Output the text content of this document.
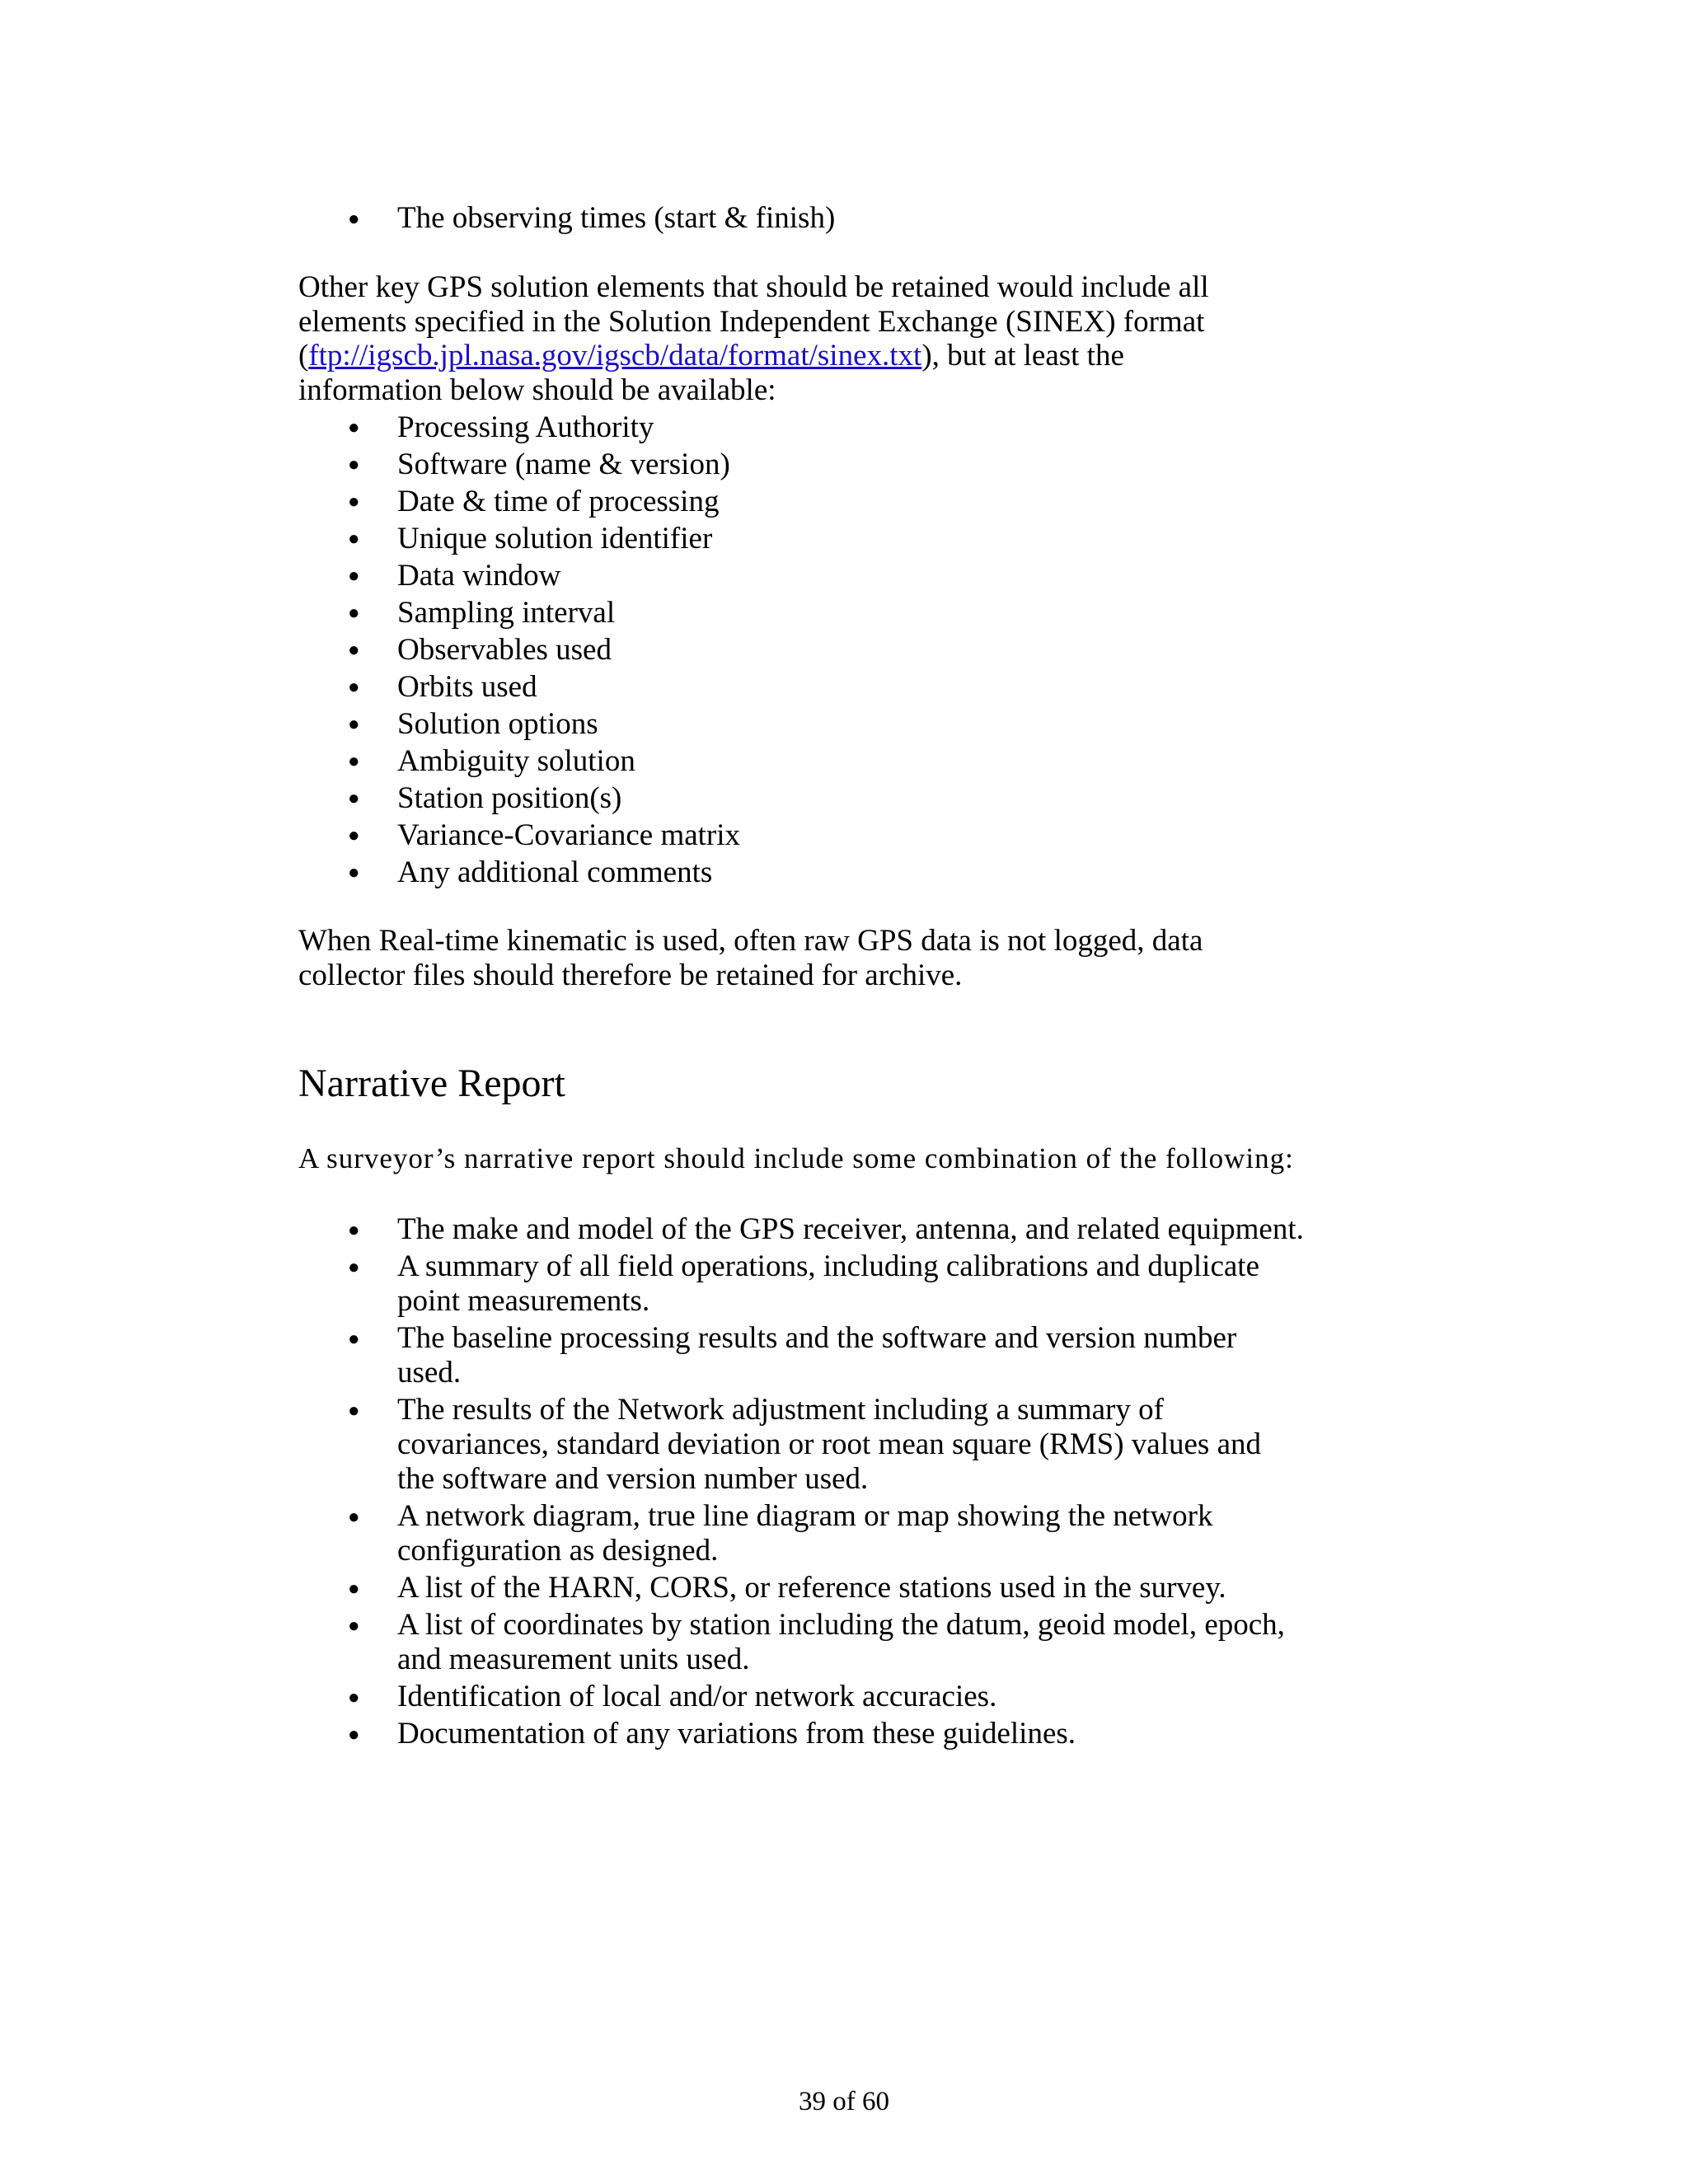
● The observing times (start & finish)

Other key GPS solution elements that should be retained would include all
elements specified in the Solution Independent Exchange (SINEX) format
(ftp://igscb.jpl.nasa.gov/igscb/data/format/sinex.txt), but at least the
information below should be available:

● Processing Authority
● Software (name & version)
● Date & time of processing
● Unique solution identifier
● Data window
● Sampling interval
● Observables used
● Orbits used
● Solution options
● Ambiguity solution
● Station position(s)
● Variance-Covariance matrix
● Any additional comments

When Real-time kinematic is used, often raw GPS data is not logged, data
collector files should therefore be retained for archive.

Narrative Report

A surveyor’s narrative report should include some combination of the following:

● The make and model of the GPS receiver, antenna, and related equipment.
● A summary of all field operations, including calibrations and duplicate
point measurements.
● The baseline processing results and the software and version number
used.
● The results of the Network adjustment including a summary of
covariances, standard deviation or root mean square (RMS) values and
the software and version number used.
● A network diagram, true line diagram or map showing the network
configuration as designed.
● A list of the HARN, CORS, or reference stations used in the survey.
● A list of coordinates by station including the datum, geoid model, epoch,
and measurement units used.
● Identification of local and/or network accuracies.
● Documentation of any variations from these guidelines.
39 of 60
